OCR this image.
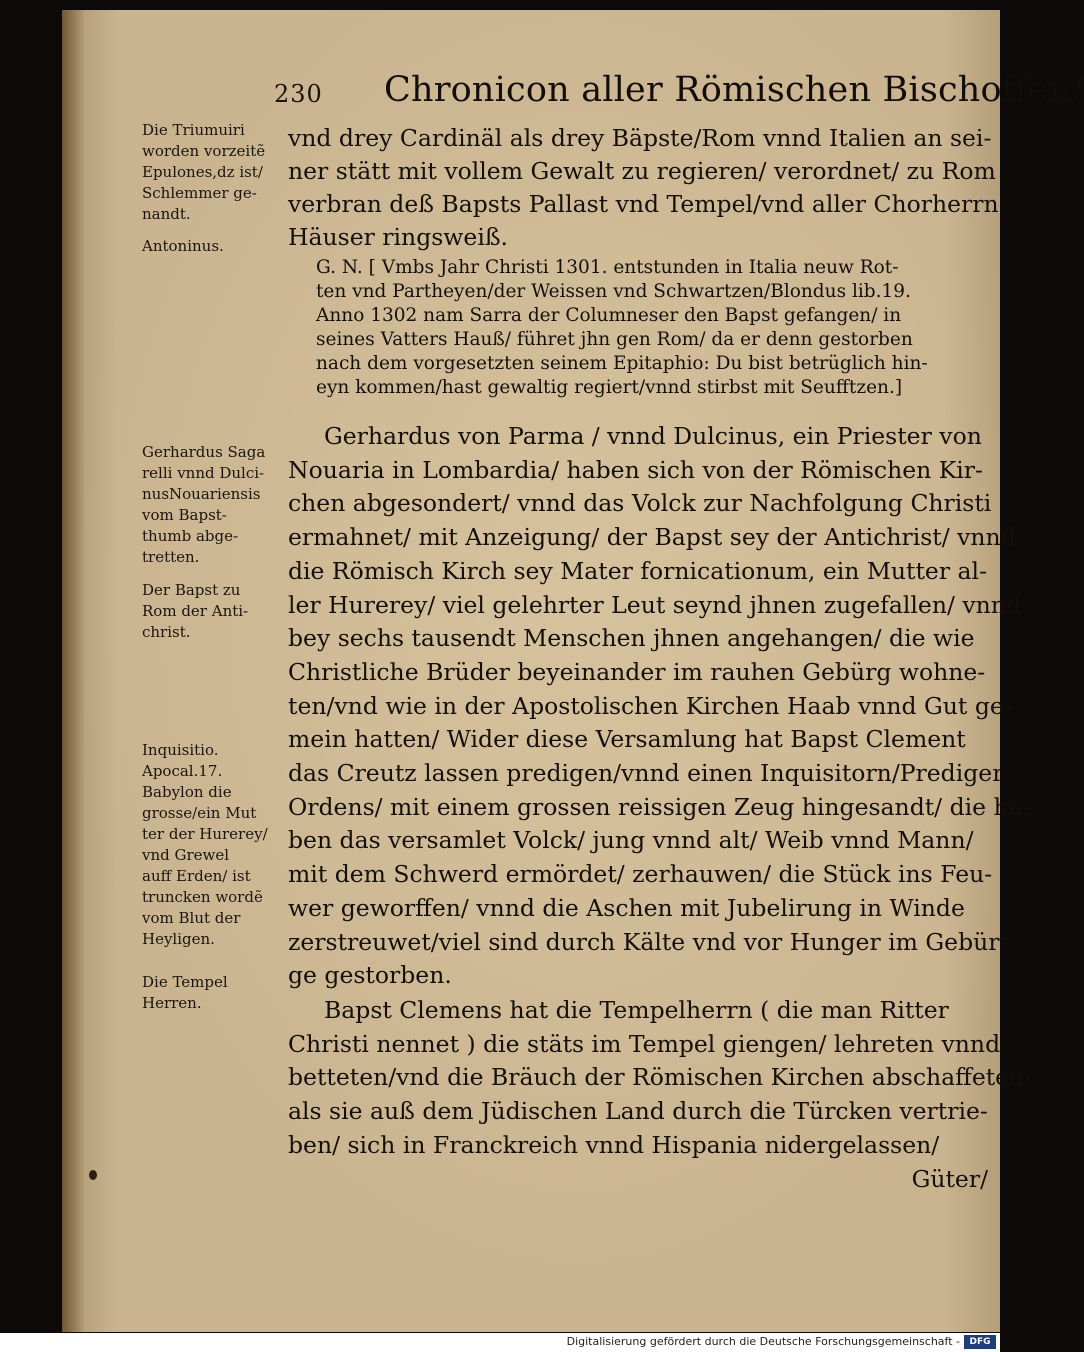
230 Chronicon aller Römischen Bischoffen/
Die Triumuiri
worden vorzeitẽ
Epulones,dz ist/
Schlemmer ge-
nandt.
Antoninus.
Gerhardus Saga
relli vnnd Dulci-
nusNouariensis
vom Bapst-
thumb abge-
tretten.
Der Bapst zu
Rom der Anti-
christ.
Inquisitio.
Apocal.17.
Babylon die
grosse/ein Mut
ter der Hurerey/
vnd Grewel
auff Erden/ ist
truncken wordẽ
vom Blut der
Heyligen.
Die Tempel
Herren.
vnd drey Cardinäl als drey Bäpste/Rom vnnd Italien an sei-
ner stätt mit vollem Gewalt zu regieren/ verordnet/ zu Rom
verbran deß Bapsts Pallast vnd Tempel/vnd aller Chorherrn
Häuser ringsweiß.
G. N. [ Vmbs Jahr Christi 1301. entstunden in Italia neuw Rot-
ten vnd Partheyen/der Weissen vnd Schwartzen/Blondus lib.19.
Anno 1302 nam Sarra der Columneser den Bapst gefangen/ in
seines Vatters Hauß/ führet jhn gen Rom/ da er denn gestorben
nach dem vorgesetzten seinem Epitaphio: Du bist betrüglich hin-
eyn kommen/hast gewaltig regiert/vnnd stirbst mit Seufftzen.]
Gerhardus von Parma / vnnd Dulcinus, ein Priester von
Nouaria in Lombardia/ haben sich von der Römischen Kir-
chen abgesondert/ vnnd das Volck zur Nachfolgung Christi
ermahnet/ mit Anzeigung/ der Bapst sey der Antichrist/ vnnd
die Römisch Kirch sey Mater fornicationum, ein Mutter al-
ler Hurerey/ viel gelehrter Leut seynd jhnen zugefallen/ vnnd
bey sechs tausendt Menschen jhnen angehangen/ die wie
Christliche Brüder beyeinander im rauhen Gebürg wohne-
ten/vnd wie in der Apostolischen Kirchen Haab vnnd Gut ge-
mein hatten/ Wider diese Versamlung hat Bapst Clement
das Creutz lassen predigen/vnnd einen Inquisitorn/Prediger
Ordens/ mit einem grossen reissigen Zeug hingesandt/ die ha-
ben das versamlet Volck/ jung vnnd alt/ Weib vnnd Mann/
mit dem Schwerd ermördet/ zerhauwen/ die Stück ins Feu-
wer geworffen/ vnnd die Aschen mit Jubelirung in Winde
zerstreuwet/viel sind durch Kälte vnd vor Hunger im Gebür-
ge gestorben.
Bapst Clemens hat die Tempelherrn ( die man Ritter
Christi nennet ) die stäts im Tempel giengen/ lehreten vnnd
betteten/vnd die Bräuch der Römischen Kirchen abschaffeten/
als sie auß dem Jüdischen Land durch die Türcken vertrie-
ben/ sich in Franckreich vnnd Hispania nidergelassen/
Güter/
Digitalisierung gefördert durch die Deutsche Forschungsgemeinschaft -	DFG
